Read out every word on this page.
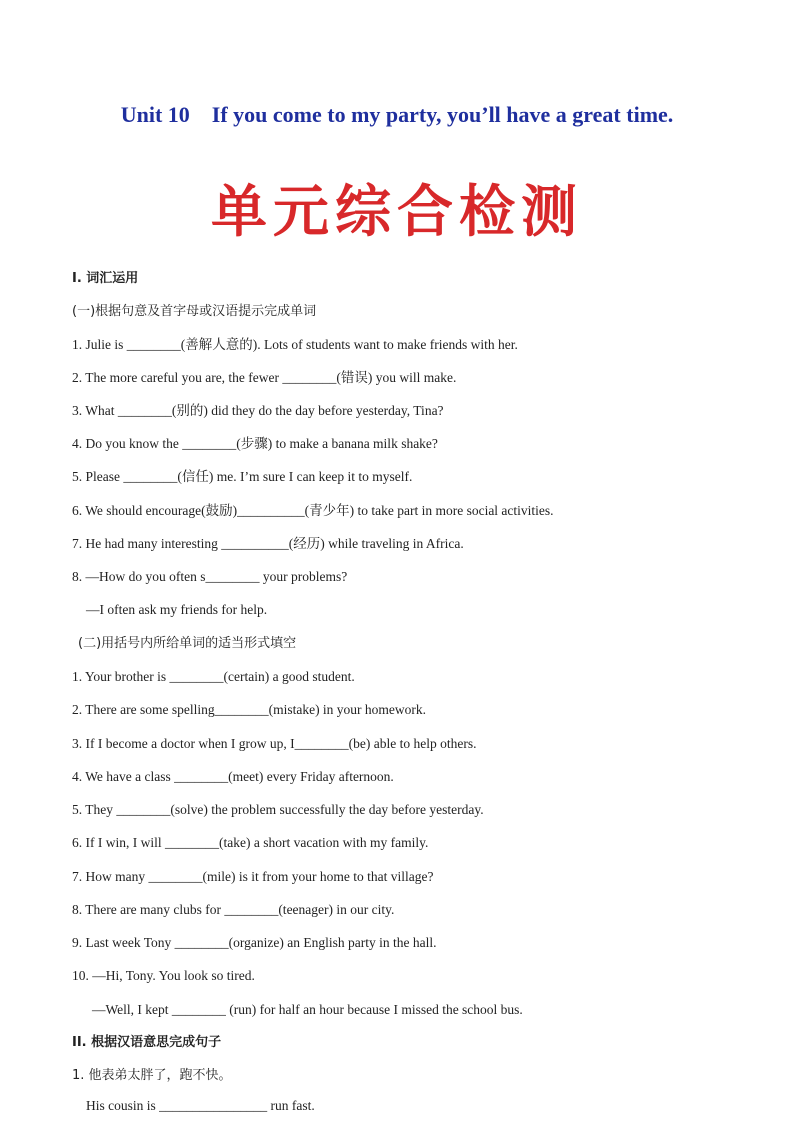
Unit 10    If you come to my party, you’ll have a great time.
单元综合检测
I. 词汇运用
(一)根据句意及首字母或汉语提示完成单词
1. Julie is ________(善解人意的). Lots of students want to make friends with her.
2. The more careful you are, the fewer ________(错误) you will make.
3. What ________(别的) did they do the day before yesterday, Tina?
4. Do you know the ________(步骤) to make a banana milk shake?
5. Please ________(信任) me. I’m sure I can keep it to myself.
6. We should encourage(鼓励)__________(青少年) to take part in more social activities.
7. He had many interesting __________(经历) while traveling in Africa.
8. —How do you often s________ your problems?
—I often ask my friends for help.
(二)用括号内所给单词的适当形式填空
1. Your brother is ________(certain) a good student.
2. There are some spelling________(mistake) in your homework.
3. If I become a doctor when I grow up, I________(be) able to help others.
4. We have a class ________(meet) every Friday afternoon.
5. They ________(solve) the problem successfully the day before yesterday.
6. If I win, I will ________(take) a short vacation with my family.
7. How many ________(mile) is it from your home to that village?
8. There are many clubs for ________(teenager) in our city.
9. Last week Tony ________(organize) an English party in the hall.
10. —Hi, Tony. You look so tired.
—Well, I kept ________ (run) for half an hour because I missed the school bus.
II. 根据汉语意思完成句子
1. 他表弟太胖了，跑不快。
His cousin is ________________ run fast.
